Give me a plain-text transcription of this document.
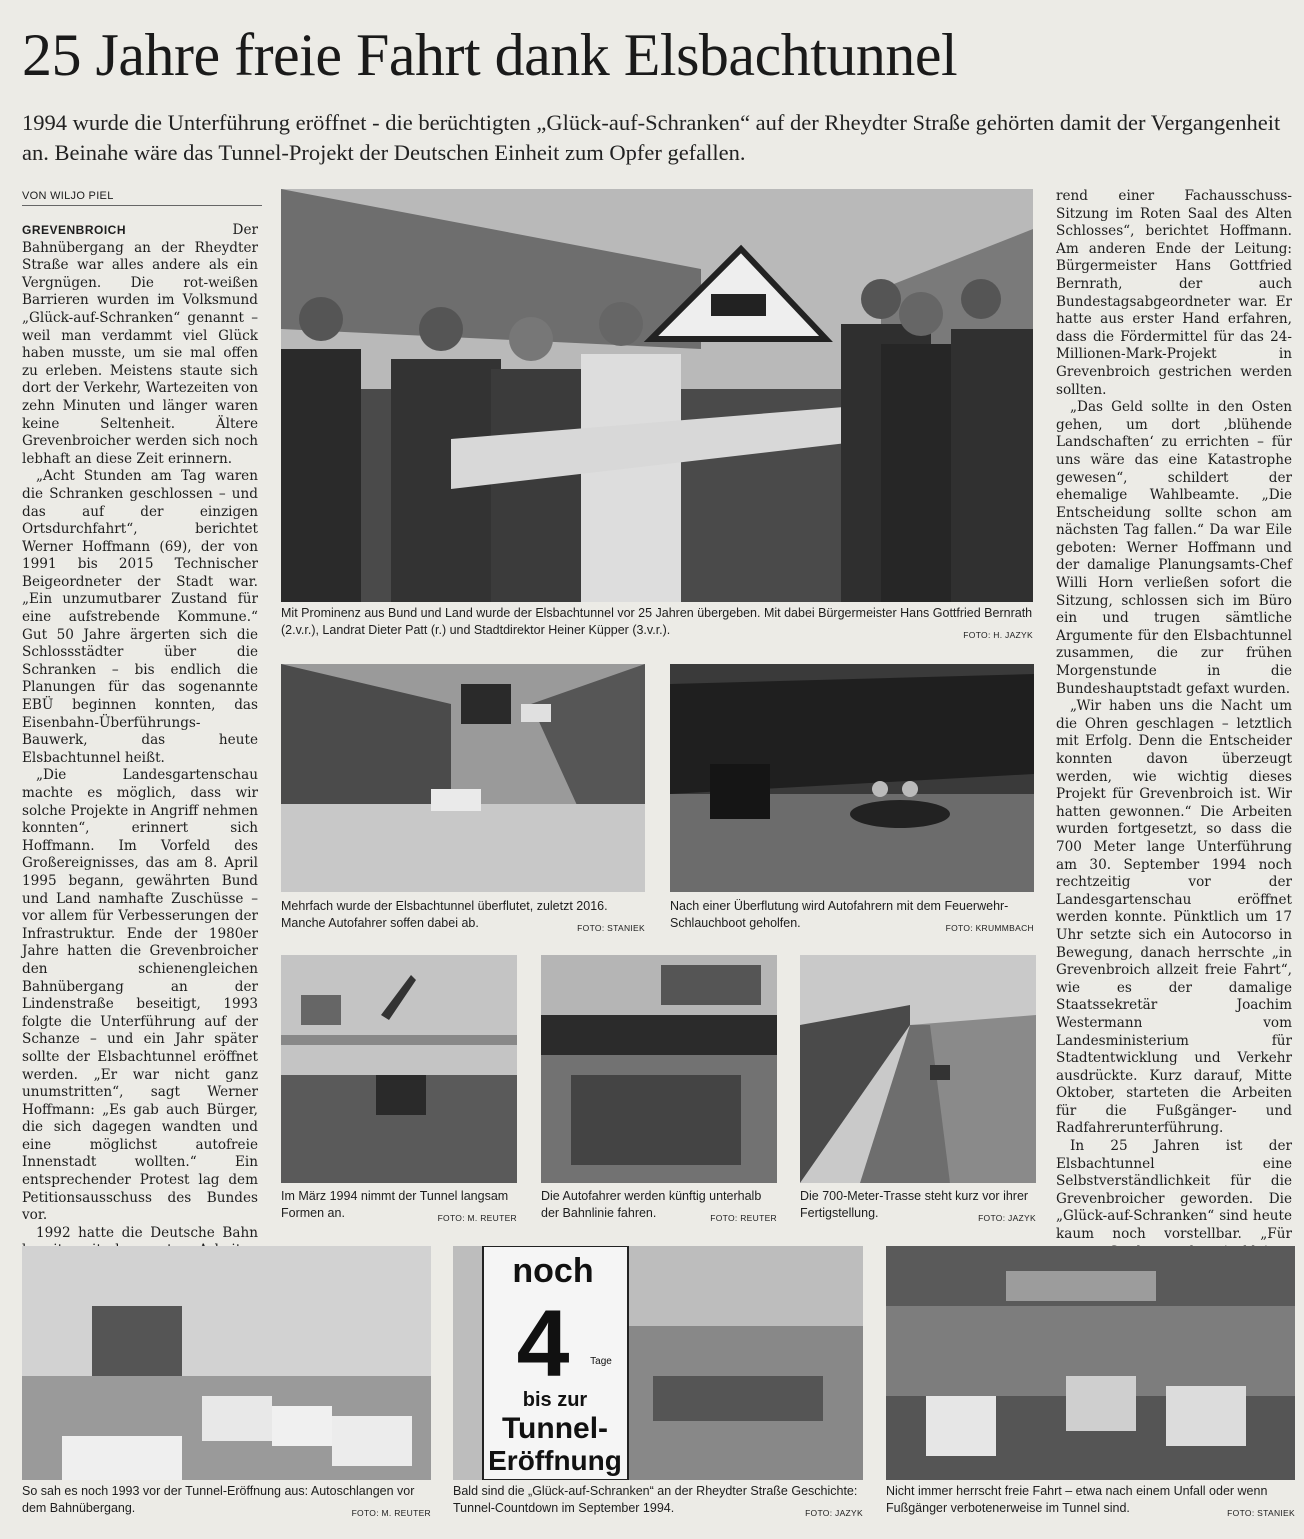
25 Jahre freie Fahrt dank Elsbachtunnel
1994 wurde die Unterführung eröffnet - die berüchtigten „Glück-auf-Schranken“ auf der Rheydter Straße gehörten damit der Vergangenheit an. Beinahe wäre das Tunnel-Projekt der Deutschen Einheit zum Opfer gefallen.
VON WILJO PIEL

GREVENBROICH	Der Bahnübergang an der Rheydter Straße war alles andere als ein Vergnügen. Die rot-weißen Barrieren wurden im Volksmund „Glück-auf-Schranken“ genannt – weil man verdammt viel Glück haben musste, um sie mal offen zu erleben. Meistens staute sich dort der Verkehr, Wartezeiten von zehn Minuten und länger waren keine Seltenheit. Ältere Grevenbroicher werden sich noch lebhaft an diese Zeit erinnern.

„Acht Stunden am Tag waren die Schranken geschlossen – und das auf der einzigen Ortsdurchfahrt“, berichtet Werner Hoffmann (69), der von 1991 bis 2015 Technischer Beigeordneter der Stadt war. „Ein unzumutbarer Zustand für eine aufstrebende Kommune.“ Gut 50 Jahre ärgerten sich die Schlossstädter über die Schranken – bis endlich die Planungen für das sogenannte EBÜ beginnen konnten, das Eisenbahn-Überführungs-Bauwerk, das heute Elsbachtunnel heißt.

„Die Landesgartenschau machte es möglich, dass wir solche Projekte in Angriff nehmen konnten“, erinnert sich Hoffmann. Im Vorfeld des Großereignisses, das am 8. April 1995 begann, gewährten Bund und Land namhafte Zuschüsse – vor allem für Verbesserungen der Infrastruktur. Ende der 1980er Jahre hatten die Grevenbroicher den schienengleichen Bahnübergang an der Lindenstraße beseitigt, 1993 folgte die Unterführung auf der Schanze – und ein Jahr später sollte der Elsbachtunnel eröffnet werden. „Er war nicht ganz unumstritten“, sagt Werner Hoffmann: „Es gab auch Bürger, die sich dagegen wandten und eine möglichst autofreie Innenstadt wollten.“ Ein entsprechender Protest lag dem Petitionsausschuss des Bundes vor.

1992 hatte die Deutsche Bahn

rend einer Fachausschuss-Sitzung im Roten Saal des Alten Schlosses“, berichtet Hoffmann. Am anderen Ende der Leitung: Bürgermeister Hans Gottfried Bernrath, der auch Bundestagsabgeordneter war. Er hatte aus erster Hand erfahren, dass die Fördermittel für das 24-Millionen-Mark-Projekt in Grevenbroich gestrichen werden sollten.

„Das Geld sollte in den Osten gehen, um dort ‚blühende Landschaften‘ zu errichten – für uns wäre das eine Katastrophe gewesen“, schildert der ehemalige Wahlbeamte. „Die Entscheidung sollte schon am nächsten Tag fallen.“ Da war Eile geboten: Werner Hoffmann und der damalige Planungsamts-Chef Willi Horn verließen sofort die Sitzung, schlossen sich im Büro ein und trugen sämtliche Argumente für den Elsbachtunnel zusammen, die zur frühen Morgenstunde in die Bundeshauptstadt gefaxt wurden.

„Wir haben uns die Nacht um die Ohren geschlagen – letztlich mit Erfolg. Denn die Entscheider konnten davon überzeugt werden, wie wichtig dieses Projekt für Grevenbroich ist. Wir hatten gewonnen.“ Die Arbeiten wurden fortgesetzt, so dass die 700 Meter lange Unterführung am 30. September 1994 noch rechtzeitig vor der Landesgartenschau eröffnet werden konnte. Pünktlich um 17 Uhr setzte sich ein Autocorso in Bewegung, danach herrschte „in Grevenbroich allzeit freie Fahrt“, wie es der damalige Staatssekretär Joachim Westermann vom Landesministerium für Stadtentwicklung und Verkehr ausdrückte. Kurz darauf, Mitte Oktober, starteten die Arbeiten für die Fußgänger- und Radfahrerunterführung.

In 25 Jahren ist der Elsbachtunnel eine Selbstverständlichkeit für die Grevenbroicher geworden. Die „Glück-auf-Schranken“ sind heute kaum noch vorstellbar. „Für

Mit Prominenz aus Bund und Land wurde der Elsbachtunnel vor 25 Jahren übergeben. Mit dabei Bürgermeister Hans Gottfried Bernrath (2.v.r.), Landrat Dieter Patt (r.) und Stadtdirektor Heiner Küpper (3.v.r.).	FOTO: H. JAZYK
Mehrfach wurde der Elsbachtunnel überflutet, zuletzt 2016. Manche Autofahrer soffen dabei ab.	FOTO: STANIEK
Nach einer Überflutung wird Autofahrern mit dem Feuerwehr-Schlauchboot geholfen.	FOTO: KRUMMBACH
Im März 1994 nimmt der Tunnel langsam Formen an.	FOTO: M. REUTER
Die Autofahrer werden künftig unterhalb der Bahnlinie fahren.	FOTO: REUTER
Die 700-Meter-Trasse steht kurz vor ihrer Fertigstellung.	FOTO: JAZYK
So sah es noch 1993 vor der Tunnel-Eröffnung aus: Autoschlangen vor dem Bahnübergang.	FOTO: M. REUTER
noch
4 Tage
bis zur
Tunnel-
Eröffnung
Bald sind die „Glück-auf-Schranken“ an der Rheydter Straße Geschichte: Tunnel-Countdown im September 1994.	FOTO: JAZYK
Nicht immer herrscht freie Fahrt – etwa nach einem Unfall oder wenn Fußgänger verbotenerweise im Tunnel sind.	FOTO: STANIEK
